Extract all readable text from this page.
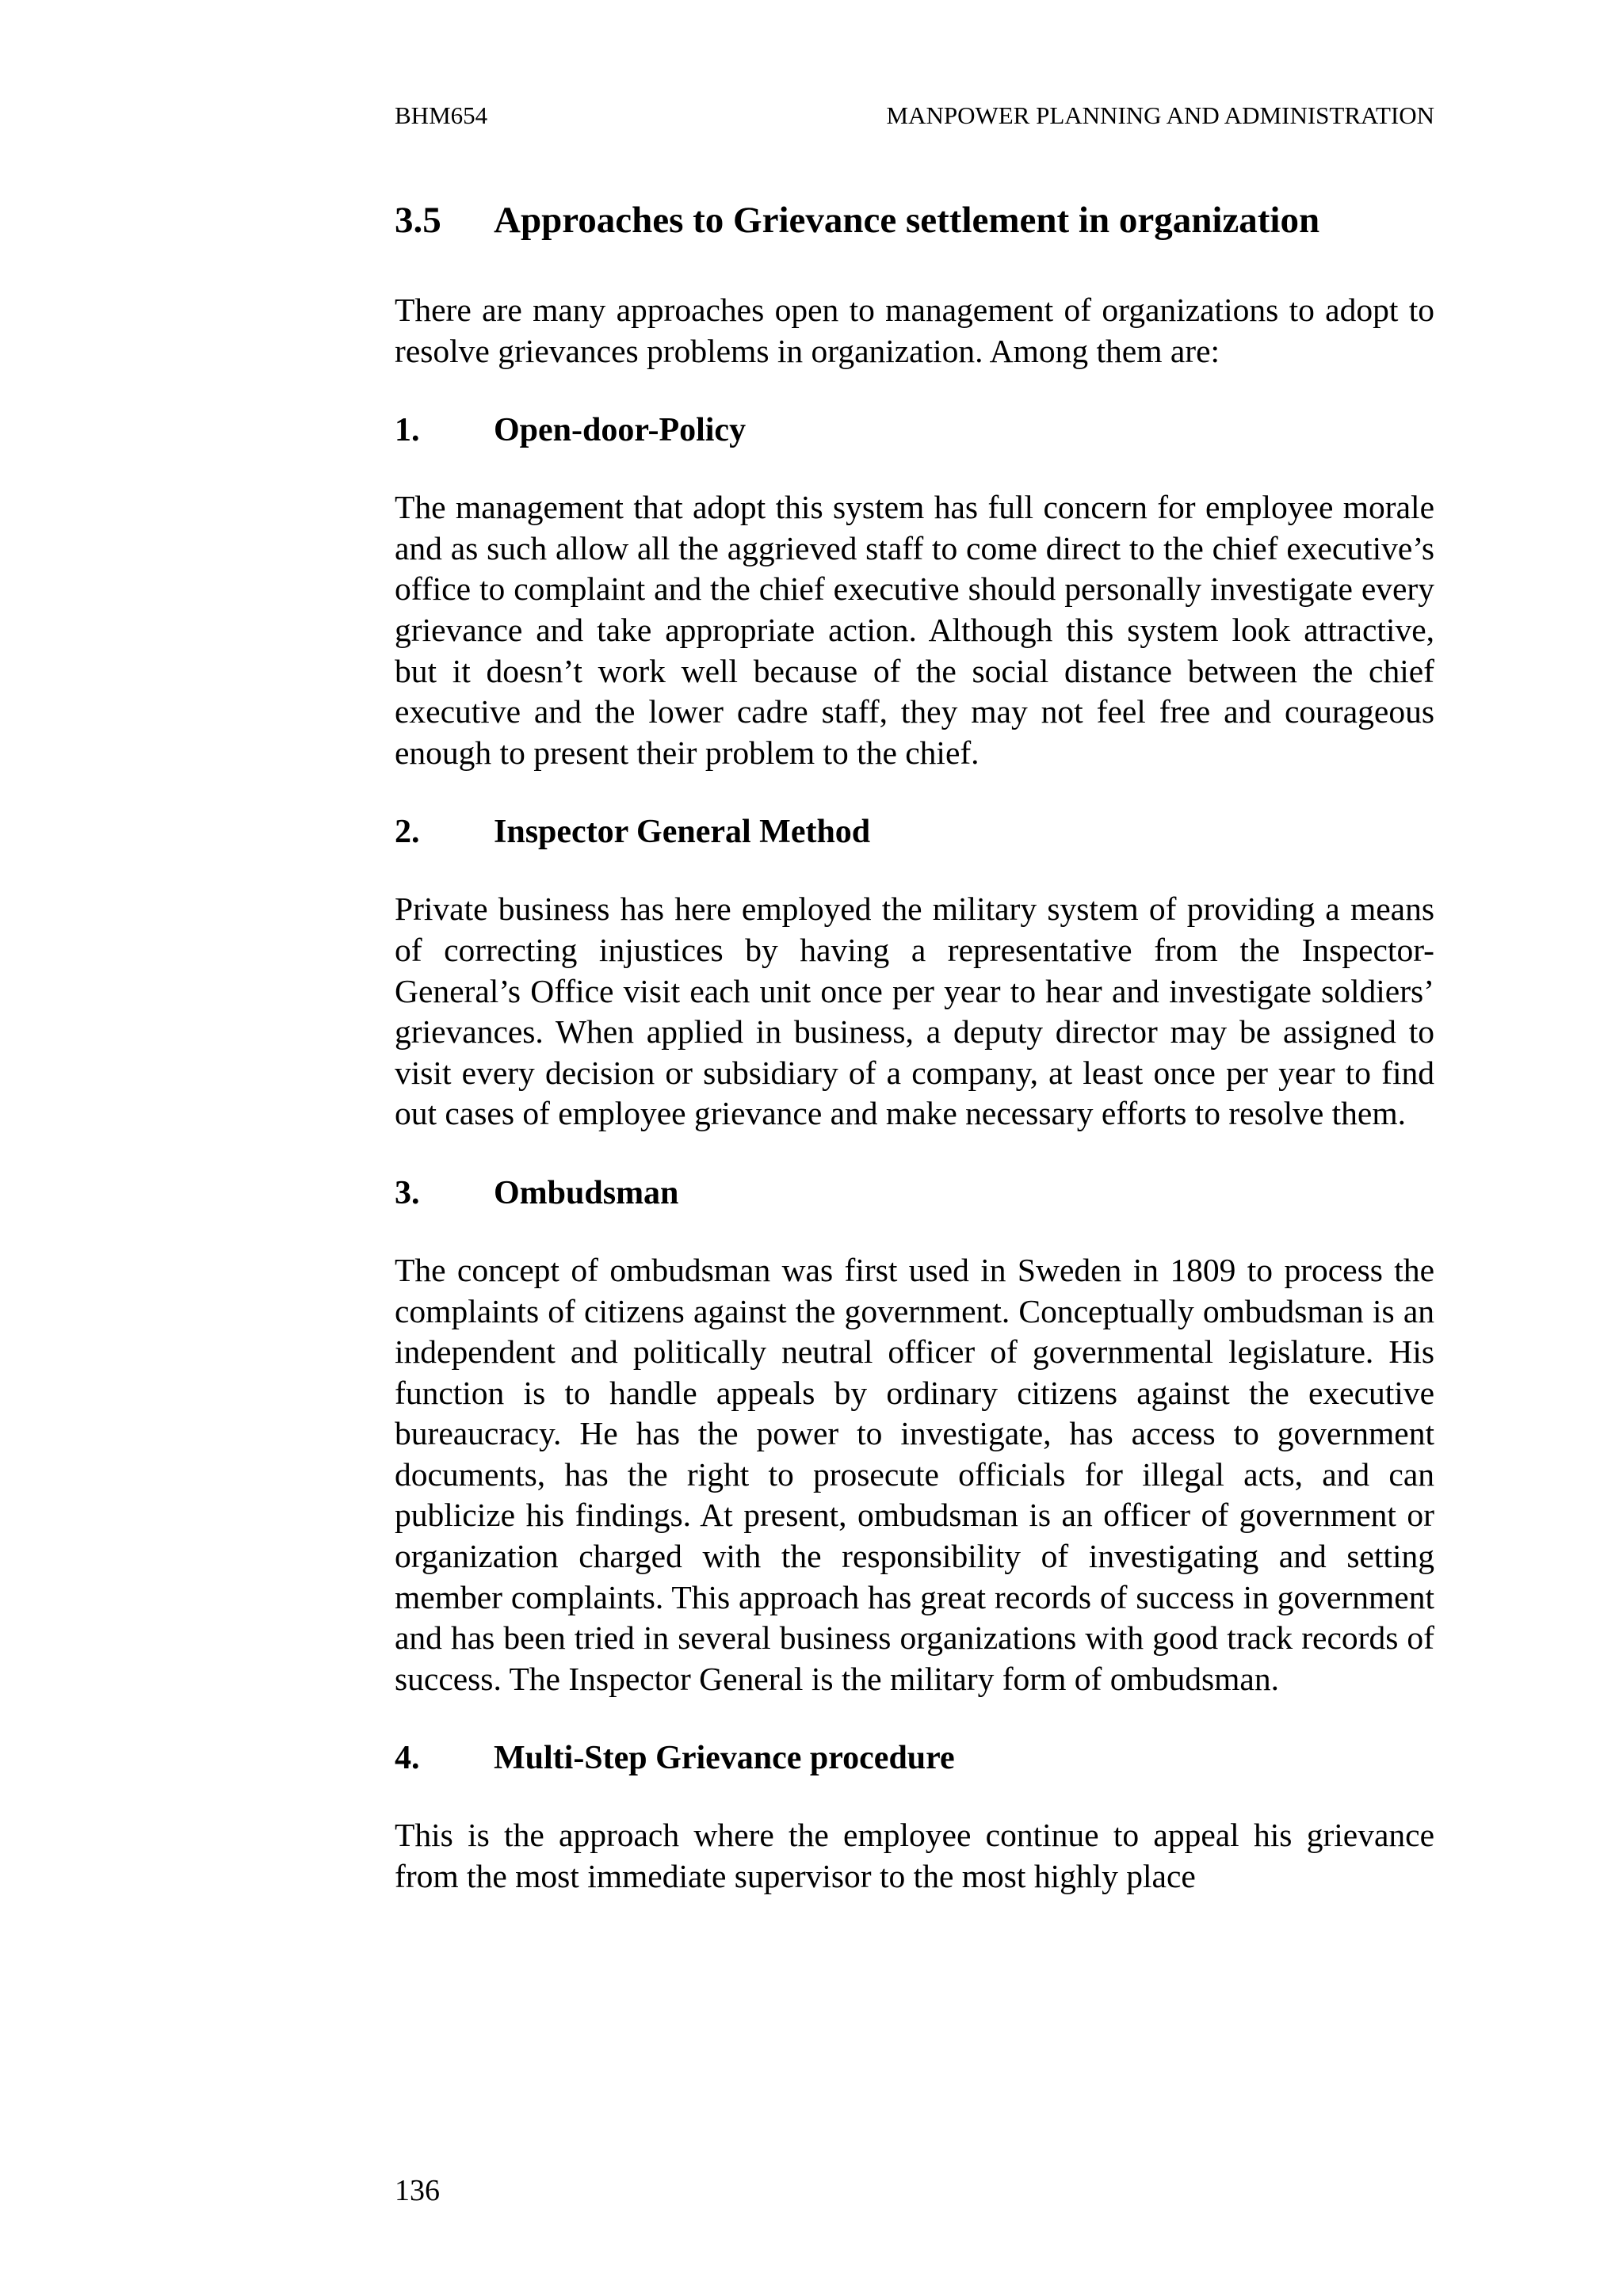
BHM654	MANPOWER PLANNING AND ADMINISTRATION
3.5	Approaches to Grievance settlement in organization

There are many approaches open to management of organizations to adopt to resolve grievances problems in organization. Among them are:

1.	Open-door-Policy

The management that adopt this system has full concern for employee morale and as such allow all the aggrieved staff to come direct to the chief executive’s office to complaint and the chief executive should personally investigate every grievance and take appropriate action. Although this system look attractive, but it doesn’t work well because of the social distance between the chief executive and the lower cadre staff, they may not feel free and courageous enough to present their problem to the chief.

2.	Inspector General Method

Private business has here employed the military system of providing a means of correcting injustices by having a representative from the Inspector-General’s Office visit each unit once per year to hear and investigate soldiers’ grievances. When applied in business, a deputy director may be assigned to visit every decision or subsidiary of a company, at least once per year to find out cases of employee grievance and make necessary efforts to resolve them.

3.	Ombudsman

The concept of ombudsman was first used in Sweden in 1809 to process the complaints of citizens against the government. Conceptually ombudsman is an independent and politically neutral officer of governmental legislature. His function is to handle appeals by ordinary citizens against the executive bureaucracy. He has the power to investigate, has access to government documents, has the right to prosecute officials for illegal acts, and can publicize his findings. At present, ombudsman is an officer of government or organization charged with the responsibility of investigating and setting member complaints. This approach has great records of success in government and has been tried in several business organizations with good track records of success. The Inspector General is the military form of ombudsman.

4.	Multi-Step Grievance procedure

This is the approach where the employee continue to appeal his grievance from the most immediate supervisor to the most highly place

136
